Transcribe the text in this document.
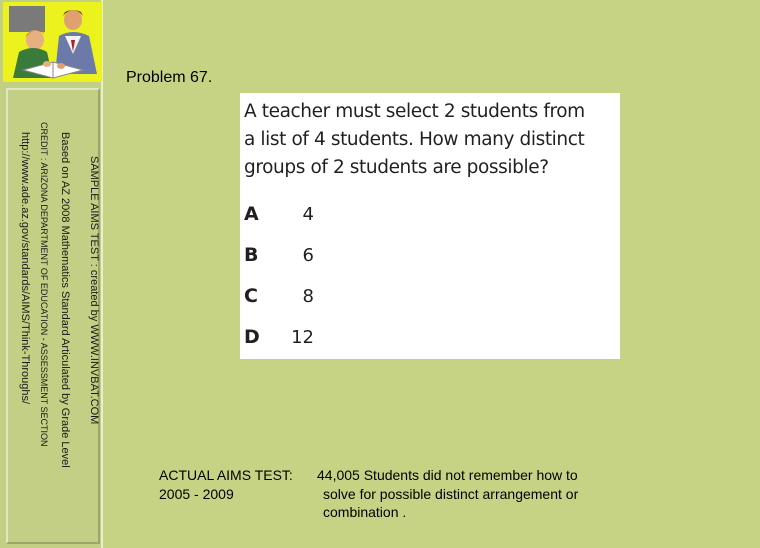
SAMPLE AIMS TEST : created by WWW.INVBAT.COM
Based on AZ 2008 Mathematics Standard Articulated by Grade Level
CREDIT : ARIZONA DEPARTMENT OF EDUCATION - ASSESSMENT SECTION
http://www.ade.az.gov/standards/AIMS/Think-Throughs/
Problem 67.

A teacher must select 2 students from

a list of 4 students. How many distinct

groups of 2 students are possible?

A	4
B	6
C	8
D	12
ACTUAL AIMS TEST:
2005 - 2009
44,005 Students did not remember how to
solve for possible distinct arrangement or
combination .
